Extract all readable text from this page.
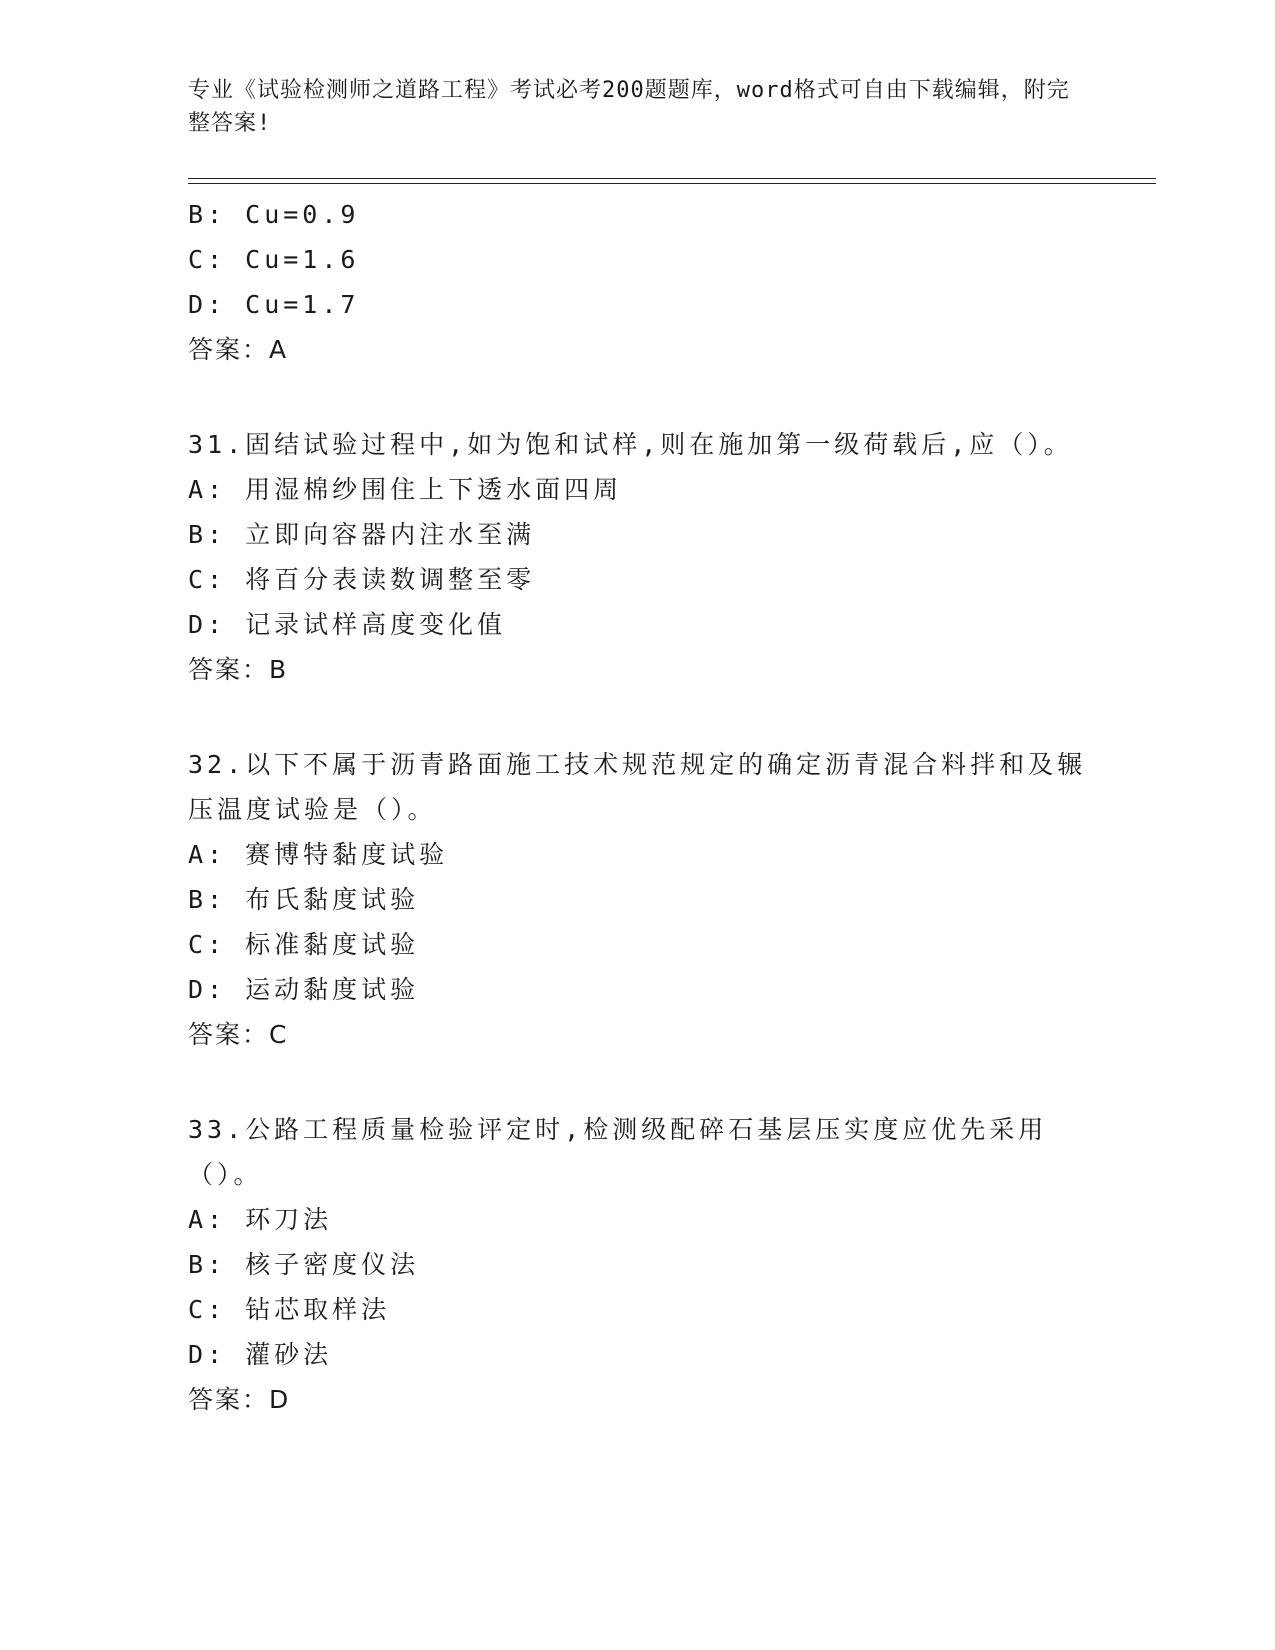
专业《试验检测师之道路工程》考试必考200题题库，word格式可自由下载编辑，附完整答案!
B: Cu=0.9
C: Cu=1.6
D: Cu=1.7
答案：A
31.固结试验过程中,如为饱和试样,则在施加第一级荷载后,应（）。
A: 用湿棉纱围住上下透水面四周
B: 立即向容器内注水至满
C: 将百分表读数调整至零
D: 记录试样高度变化值
答案：B
32.以下不属于沥青路面施工技术规范规定的确定沥青混合料拌和及辗压温度试验是（）。
A: 赛博特黏度试验
B: 布氏黏度试验
C: 标准黏度试验
D: 运动黏度试验
答案：C
33.公路工程质量检验评定时,检测级配碎石基层压实度应优先采用（）。
A: 环刀法
B: 核子密度仪法
C: 钻芯取样法
D: 灌砂法
答案：D
